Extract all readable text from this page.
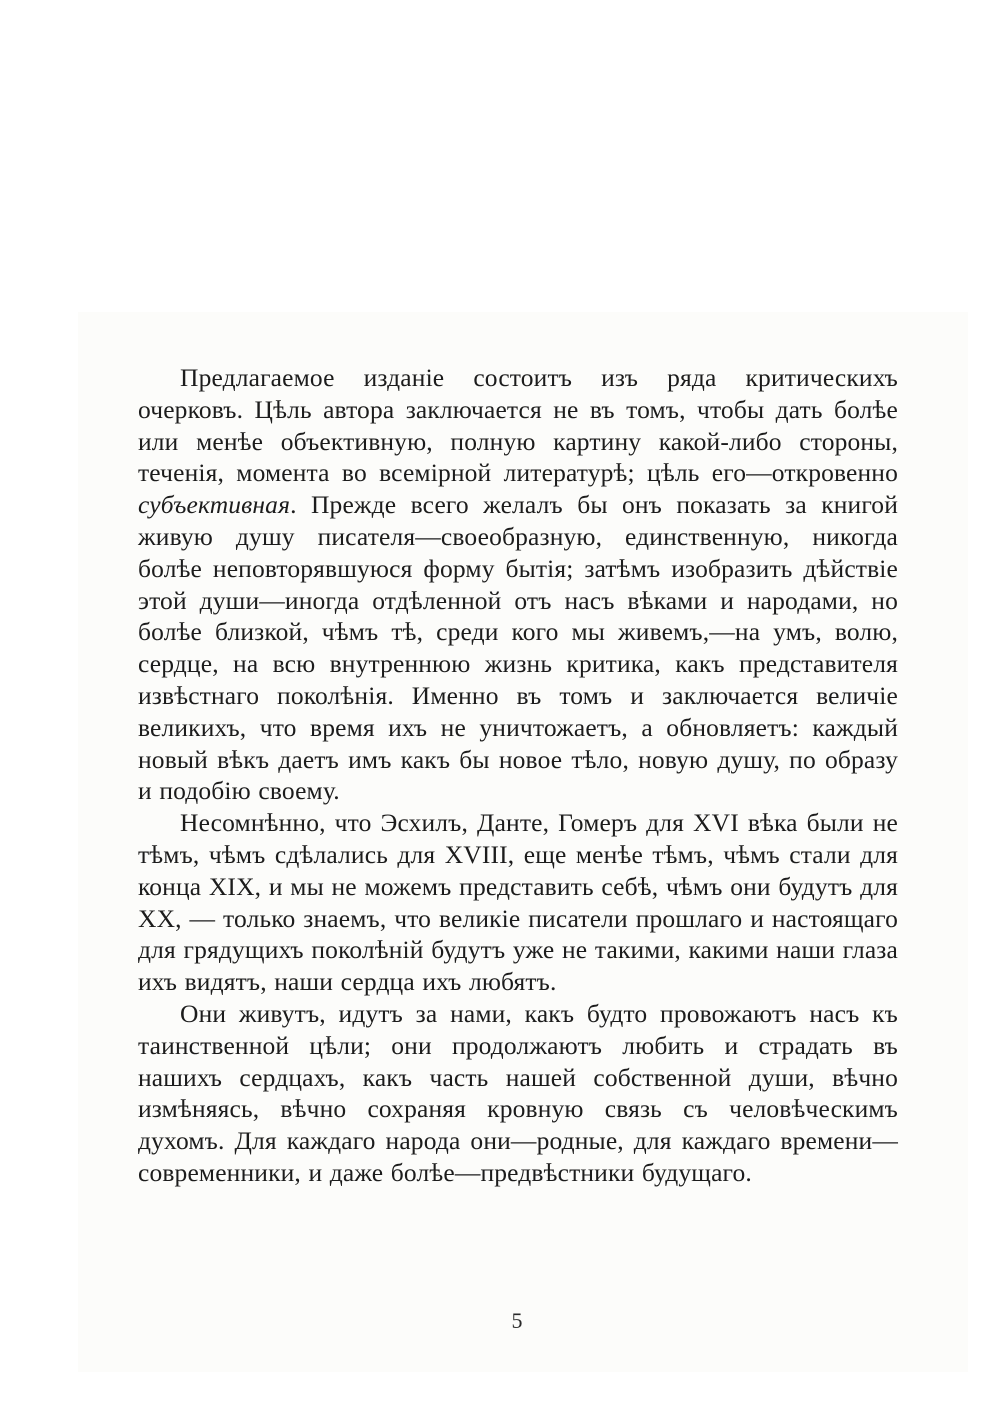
Предлагаемое изданіе состоитъ изъ ряда критическихъ очерковъ. Цѣль автора заключается не въ томъ, чтобы дать болѣе или менѣе объективную, полную картину какой-либо стороны, теченія, момента во всемірной литературѣ; цѣль его—откровенно субъективная. Прежде всего желалъ бы онъ показать за книгой живую душу писателя—своеобразную, единственную, никогда болѣе неповторявшуюся форму бытія; затѣмъ изобразить дѣйствіе этой души—иногда отдѣленной отъ насъ вѣками и народами, но болѣе близкой, чѣмъ тѣ, среди кого мы живемъ,—на умъ, волю, сердце, на всю внутреннюю жизнь критика, какъ представителя извѣстнаго поколѣнія. Именно въ томъ и заключается величіе великихъ, что время ихъ не уничтожаетъ, а обновляетъ: каждый новый вѣкъ даетъ имъ какъ бы новое тѣло, новую душу, по образу и подобію своему.

Несомнѣнно, что Эсхилъ, Данте, Гомеръ для XVI вѣка были не тѣмъ, чѣмъ сдѣлались для XVIII, еще менѣе тѣмъ, чѣмъ стали для конца XIX, и мы не можемъ представить себѣ, чѣмъ они будутъ для XX, — только знаемъ, что великіе писатели прошлаго и настоящаго для грядущихъ поколѣній будутъ уже не такими, какими наши глаза ихъ видятъ, наши сердца ихъ любятъ.

Они живутъ, идутъ за нами, какъ будто провожаютъ насъ къ таинственной цѣли; они продолжаютъ любить и страдать въ нашихъ сердцахъ, какъ часть нашей собственной души, вѣчно измѣняясь, вѣчно сохраняя кровную связь съ человѣческимъ духомъ. Для каждаго народа они—родные, для каждаго времени—современники, и даже болѣе—предвѣстники будущаго.

5
